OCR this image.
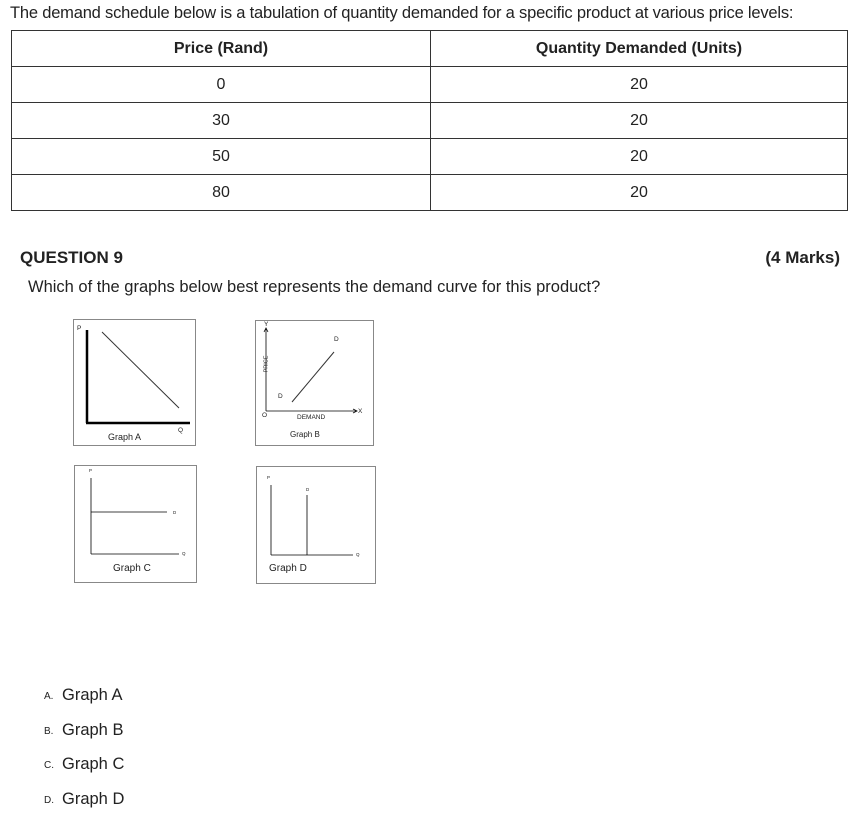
The demand schedule below is a tabulation of quantity demanded for a specific product at various price levels:
Price (Rand)	Quantity Demanded (Units)
0	20
30	20
50	20
80	20
QUESTION 9	(4 Marks)
Which of the graphs below best represents the demand curve for this product?
P
Q
Graph A
Y
PRICE
O
X
DEMAND
D
D
Graph B
P
D
Q
Graph C
P
D
Q
Graph D
A. Graph A
B. Graph B
C. Graph C
D. Graph D
